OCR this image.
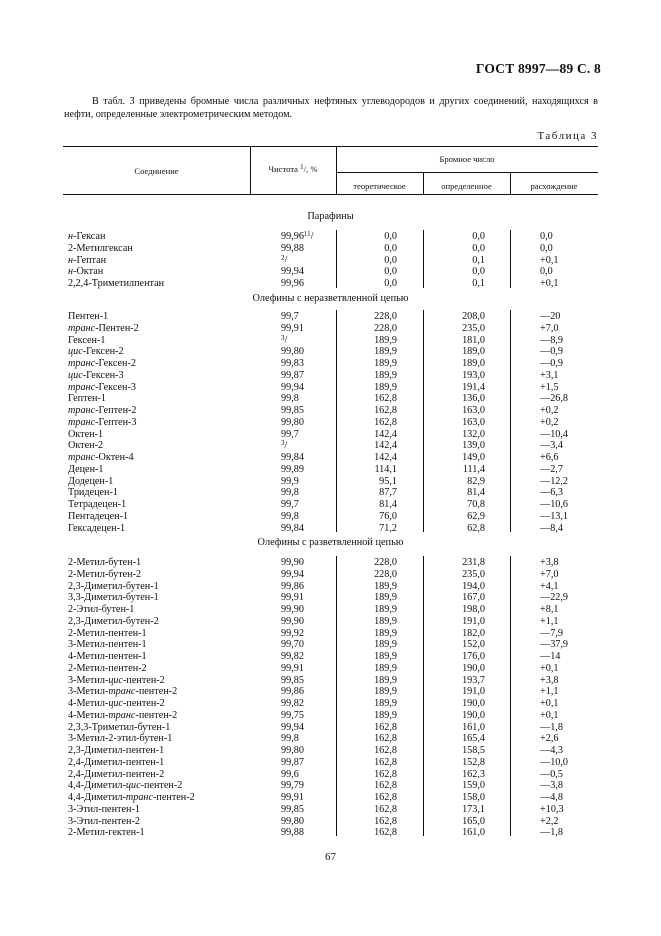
ГОСТ 8997—89 С. 8
В табл. 3 приведены бромные числа различных нефтяных углеводородов и других соединений, находящихся в нефти, определенные электрометрическим методом.
Таблица 3
Соединение	Чистота $^1$/, %
Бромное число
теоретическое	определенное	расхождение
Парафины
н-Гексан	99,96$^{11}$/	0,0	0,0	0,0
2-Метилгексан	99,88	0,0	0,0	0,0
н-Гептан	$^2$/	0,0	0,1	+0,1
н-Октан	99,94	0,0	0,0	0,0
2,2,4-Триметилпентан	99,96	0,0	0,1	+0,1
Олефины с неразветвленной цепью
Пентен-1	99,7	228,0	208,0	—20
транс-Пентен-2	99,91	228,0	235,0	+7,0
Гексен-1	$^3$/	189,9	181,0	—8,9
цис-Гексен-2	99,80	189,9	189,0	—0,9
транс-Гексен-2	99,83	189,9	189,0	—0,9
цис-Гексен-3	99,87	189,9	193,0	+3,1
транс-Гексен-3	99,94	189,9	191,4	+1,5
Гептен-1	99,8	162,8	136,0	—26,8
транс-Гептен-2	99,85	162,8	163,0	+0,2
транс-Гептен-3	99,80	162,8	163,0	+0,2
Октен-1	99,7	142,4	132,0	—10,4
Октен-2	$^3$/	142,4	139,0	—3,4
транс-Октен-4	99,84	142,4	149,0	+6,6
Децен-1	99,89	114,1	111,4	—2,7
Додецен-1	99,9	95,1	82,9	—12,2
Тридецен-1	99,8	87,7	81,4	—6,3
Тетрадецен-1	99,7	81,4	70,8	—10,6
Пентадецен-1	99,8	76,0	62,9	—13,1
Гексадецен-1	99,84	71,2	62,8	—8,4
Олефины с разветвленной цепью
2-Метил-бутен-1	99,90	228,0	231,8	+3,8
2-Метил-бутен-2	99,94	228,0	235,0	+7,0
2,3-Диметил-бутен-1	99,86	189,9	194,0	+4,1
3,3-Диметил-бутен-1	99,91	189,9	167,0	—22,9
2-Этил-бутен-1	99,90	189,9	198,0	+8,1
2,3-Диметил-бутен-2	99,90	189,9	191,0	+1,1
2-Метил-пентен-1	99,92	189,9	182,0	—7,9
3-Метил-пентен-1	99,70	189,9	152,0	—37,9
4-Метил-пентен-1	99,82	189,9	176,0	—14
2-Метил-пентен-2	99,91	189,9	190,0	+0,1
3-Метил-цис-пентен-2	99,85	189,9	193,7	+3,8
3-Метил-транс-пентен-2	99,86	189,9	191,0	+1,1
4-Метил-цис-пентен-2	99,82	189,9	190,0	+0,1
4-Метил-транс-пентен-2	99,75	189,9	190,0	+0,1
2,3,3-Триметил-бутен-1	99,94	162,8	161,0	—1,8
3-Метил-2-этил-бутен-1	99,8	162,8	165,4	+2,6
2,3-Диметил-пентен-1	99,80	162,8	158,5	—4,3
2,4-Диметил-пентен-1	99,87	162,8	152,8	—10,0
2,4-Диметил-пентен-2	99,6	162,8	162,3	—0,5
4,4-Диметил-цис-пентен-2	99,79	162,8	159,0	—3,8
4,4-Диметил-транс-пентен-2	99,91	162,8	158,0	—4,8
3-Этил-пентен-1	99,85	162,8	173,1	+10,3
3-Этил-пентен-2	99,80	162,8	165,0	+2,2
2-Метил-гектен-1	99,88	162,8	161,0	—1,8
67
